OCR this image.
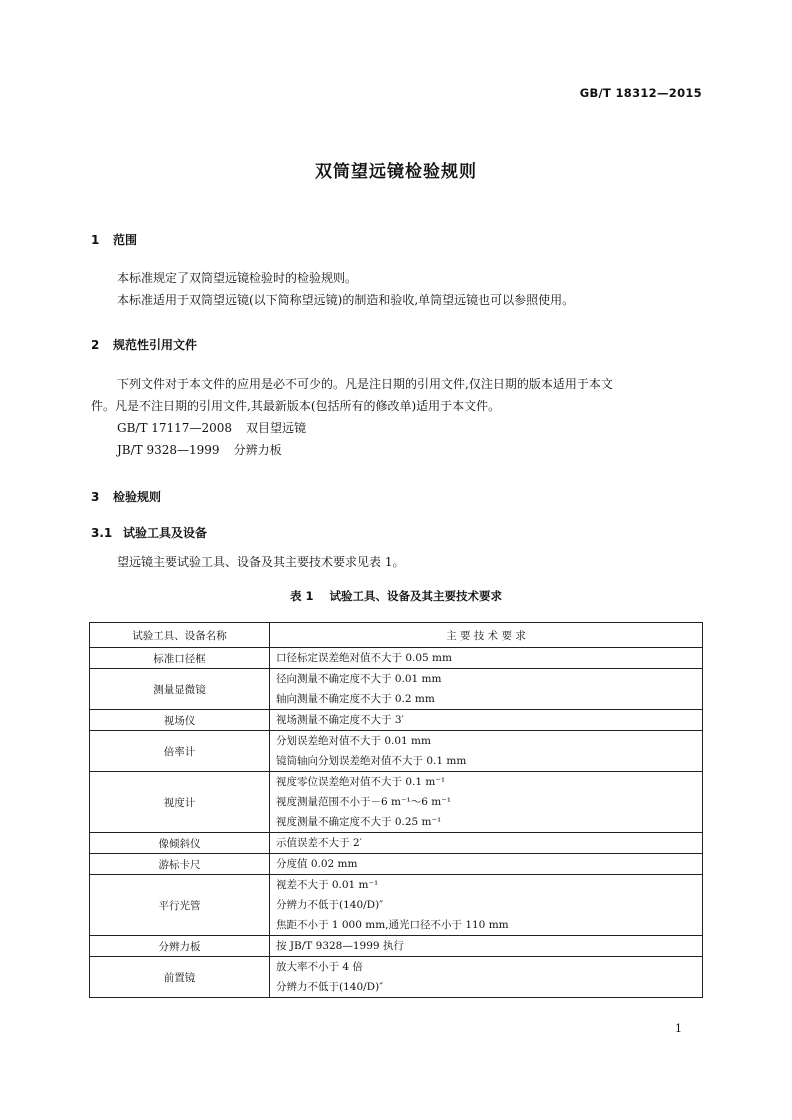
GB/T 18312—2015
双筒望远镜检验规则
1 范围
本标准规定了双筒望远镜检验时的检验规则。
本标准适用于双筒望远镜(以下简称望远镜)的制造和验收,单筒望远镜也可以参照使用。
2 规范性引用文件
下列文件对于本文件的应用是必不可少的。凡是注日期的引用文件,仅注日期的版本适用于本文
件。凡是不注日期的引用文件,其最新版本(包括所有的修改单)适用于本文件。
GB/T 17117—2008 双目望远镜
JB/T 9328—1999 分辨力板
3 检验规则
3.1 试验工具及设备
望远镜主要试验工具、设备及其主要技术要求见表 1。
表 1 试验工具、设备及其主要技术要求
试验工具、设备名称	主 要 技 术 要 求
标准口径框	口径标定误差绝对值不大于 0.05 mm

测量显微镜	径向测量不确定度不大于 0.01 mm
轴向测量不确定度不大于 0.2 mm

视场仪	视场测量不确定度不大于 3′

倍率计	分划误差绝对值不大于 0.01 mm
镜筒轴向分划误差绝对值不大于 0.1 mm

视度计	视度零位误差绝对值不大于 0.1 m⁻¹
视度测量范围不小于－6 m⁻¹～6 m⁻¹
视度测量不确定度不大于 0.25 m⁻¹

像倾斜仪	示值误差不大于 2′

游标卡尺	分度值 0.02 mm

平行光管	视差不大于 0.01 m⁻¹
分辨力不低于(140/D)″
焦距不小于 1 000 mm,通光口径不小于 110 mm

分辨力板	按 JB/T 9328—1999 执行

前置镜	放大率不小于 4 倍
分辨力不低于(140/D)″
1
